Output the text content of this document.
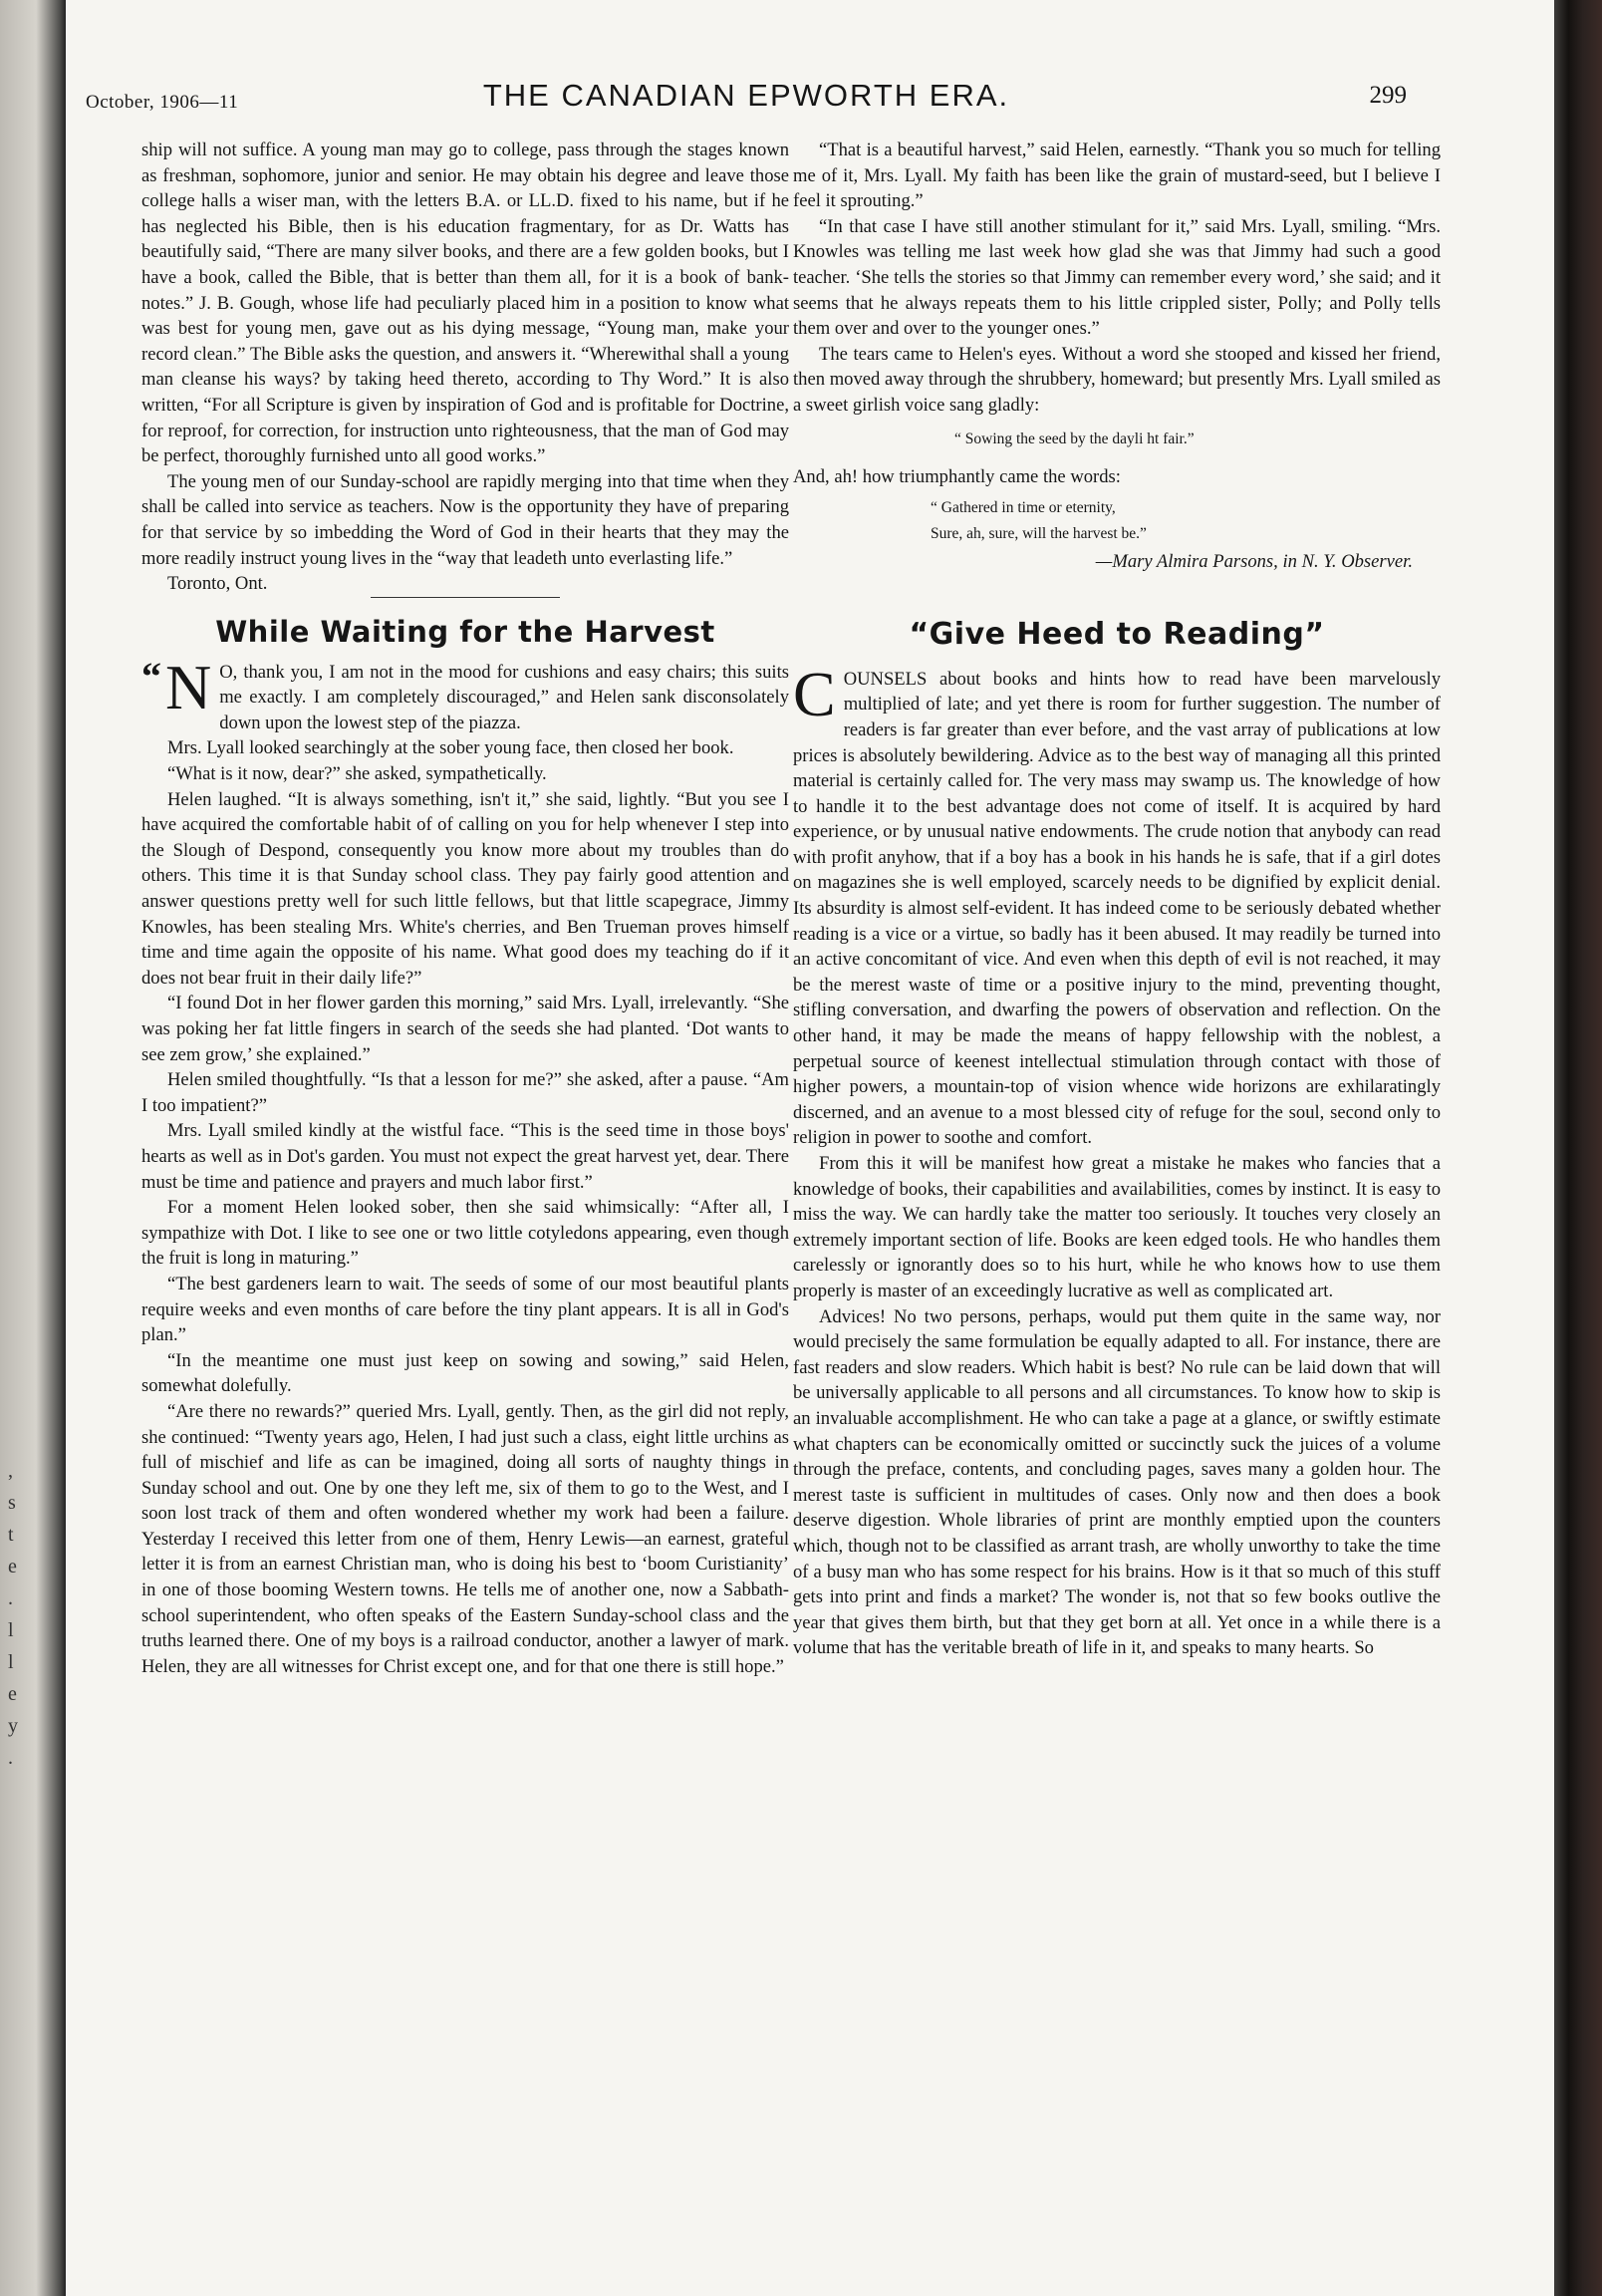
,
s
t
e
.
l
l
e
y
.
October, 1906—11	THE CANADIAN EPWORTH ERA.	299

ship will not suffice. A young man may go to college, pass through the stages known as freshman, sophomore, junior and senior. He may obtain his degree and leave those college halls a wiser man, with the letters B.A. or LL.D. fixed to his name, but if he has neglected his Bible, then is his education fragmentary, for as Dr. Watts has beautifully said, “There are many silver books, and there are a few golden books, but I have a book, called the Bible, that is better than them all, for it is a book of bank-notes.” J. B. Gough, whose life had peculiarly placed him in a position to know what was best for young men, gave out as his dying message, “Young man, make your record clean.” The Bible asks the question, and answers it. “Wherewithal shall a young man cleanse his ways? by taking heed thereto, according to Thy Word.” It is also written, “For all Scripture is given by inspiration of God and is profitable for Doctrine, for reproof, for correction, for instruction unto righteousness, that the man of God may be perfect, thoroughly furnished unto all good works.”

The young men of our Sunday-school are rapidly merging into that time when they shall be called into service as teachers. Now is the opportunity they have of preparing for that service by so imbedding the Word of God in their hearts that they may the more readily instruct young lives in the “way that leadeth unto everlasting life.”

Toronto, Ont.

While Waiting for the Harvest

“ N O, thank you, I am not in the mood for cushions and easy chairs; this suits me exactly. I am completely discouraged,” and Helen sank disconsolately down upon the lowest step of the piazza.

Mrs. Lyall looked searchingly at the sober young face, then closed her book.

“What is it now, dear?” she asked, sympathetically.

Helen laughed. “It is always something, isn't it,” she said, lightly. “But you see I have acquired the comfortable habit of of calling on you for help whenever I step into the Slough of Despond, consequently you know more about my troubles than do others. This time it is that Sunday school class. They pay fairly good attention and answer questions pretty well for such little fellows, but that little scapegrace, Jimmy Knowles, has been stealing Mrs. White's cherries, and Ben Trueman proves himself time and time again the opposite of his name. What good does my teaching do if it does not bear fruit in their daily life?”

“I found Dot in her flower garden this morning,” said Mrs. Lyall, irrelevantly. “She was poking her fat little fingers in search of the seeds she had planted. ‘Dot wants to see zem grow,’ she explained.”

Helen smiled thoughtfully. “Is that a lesson for me?” she asked, after a pause. “Am I too impatient?”

Mrs. Lyall smiled kindly at the wistful face. “This is the seed time in those boys' hearts as well as in Dot's garden. You must not expect the great harvest yet, dear. There must be time and patience and prayers and much labor first.”

For a moment Helen looked sober, then she said whimsically: “After all, I sympathize with Dot. I like to see one or two little cotyledons appearing, even though the fruit is long in maturing.”

“The best gardeners learn to wait. The seeds of some of our most beautiful plants require weeks and even months of care before the tiny plant appears. It is all in God's plan.”

“In the meantime one must just keep on sowing and sowing,” said Helen, somewhat dolefully.

“Are there no rewards?” queried Mrs. Lyall, gently. Then, as the girl did not reply, she continued: “Twenty years ago, Helen, I had just such a class, eight little urchins as full of mischief and life as can be imagined, doing all sorts of naughty things in Sunday school and out. One by one they left me, six of them to go to the West, and I soon lost track of them and often wondered whether my work had been a failure. Yesterday I received this letter from one of them, Henry Lewis—an earnest, grateful letter it is from an earnest Christian man, who is doing his best to ‘boom Curistianity’ in one of those booming Western towns. He tells me of another one, now a Sabbath-school superintendent, who often speaks of the Eastern Sunday-school class and the truths learned there. One of my boys is a railroad conductor, another a lawyer of mark. Helen, they are all witnesses for Christ except one, and for that one there is still hope.”

“That is a beautiful harvest,” said Helen, earnestly. “Thank you so much for telling me of it, Mrs. Lyall. My faith has been like the grain of mustard-seed, but I believe I feel it sprouting.”

“In that case I have still another stimulant for it,” said Mrs. Lyall, smiling. “Mrs. Knowles was telling me last week how glad she was that Jimmy had such a good teacher. ‘She tells the stories so that Jimmy can remember every word,’ she said; and it seems that he always repeats them to his little crippled sister, Polly; and Polly tells them over and over to the younger ones.”

The tears came to Helen's eyes. Without a word she stooped and kissed her friend, then moved away through the shrubbery, homeward; but presently Mrs. Lyall smiled as a sweet girlish voice sang gladly:

“ Sowing the seed by the dayli ht fair.”

And, ah! how triumphantly came the words:

“ Gathered in time or eternity,

Sure, ah, sure, will the harvest be.”

—Mary Almira Parsons, in N. Y. Observer.

“Give Heed to Reading”

COUNSELS about books and hints how to read have been marvelously multiplied of late; and yet there is room for further suggestion. The number of readers is far greater than ever before, and the vast array of publications at low prices is absolutely bewildering. Advice as to the best way of managing all this printed material is certainly called for. The very mass may swamp us. The knowledge of how to handle it to the best advantage does not come of itself. It is acquired by hard experience, or by unusual native endowments. The crude notion that anybody can read with profit anyhow, that if a boy has a book in his hands he is safe, that if a girl dotes on magazines she is well employed, scarcely needs to be dignified by explicit denial. Its absurdity is almost self-evident. It has indeed come to be seriously debated whether reading is a vice or a virtue, so badly has it been abused. It may readily be turned into an active concomitant of vice. And even when this depth of evil is not reached, it may be the merest waste of time or a positive injury to the mind, preventing thought, stifling conversation, and dwarfing the powers of observation and reflection. On the other hand, it may be made the means of happy fellowship with the noblest, a perpetual source of keenest intellectual stimulation through contact with those of higher powers, a mountain-top of vision whence wide horizons are exhilaratingly discerned, and an avenue to a most blessed city of refuge for the soul, second only to religion in power to soothe and comfort.

From this it will be manifest how great a mistake he makes who fancies that a knowledge of books, their capabilities and availabilities, comes by instinct. It is easy to miss the way. We can hardly take the matter too seriously. It touches very closely an extremely important section of life. Books are keen edged tools. He who handles them carelessly or ignorantly does so to his hurt, while he who knows how to use them properly is master of an exceedingly lucrative as well as complicated art.

Advices! No two persons, perhaps, would put them quite in the same way, nor would precisely the same formulation be equally adapted to all. For instance, there are fast readers and slow readers. Which habit is best? No rule can be laid down that will be universally applicable to all persons and all circumstances. To know how to skip is an invaluable accomplishment. He who can take a page at a glance, or swiftly estimate what chapters can be economically omitted or succinctly suck the juices of a volume through the preface, contents, and concluding pages, saves many a golden hour. The merest taste is sufficient in multitudes of cases. Only now and then does a book deserve digestion. Whole libraries of print are monthly emptied upon the counters which, though not to be classified as arrant trash, are wholly unworthy to take the time of a busy man who has some respect for his brains. How is it that so much of this stuff gets into print and finds a market? The wonder is, not that so few books outlive the year that gives them birth, but that they get born at all. Yet once in a while there is a volume that has the veritable breath of life in it, and speaks to many hearts. So
